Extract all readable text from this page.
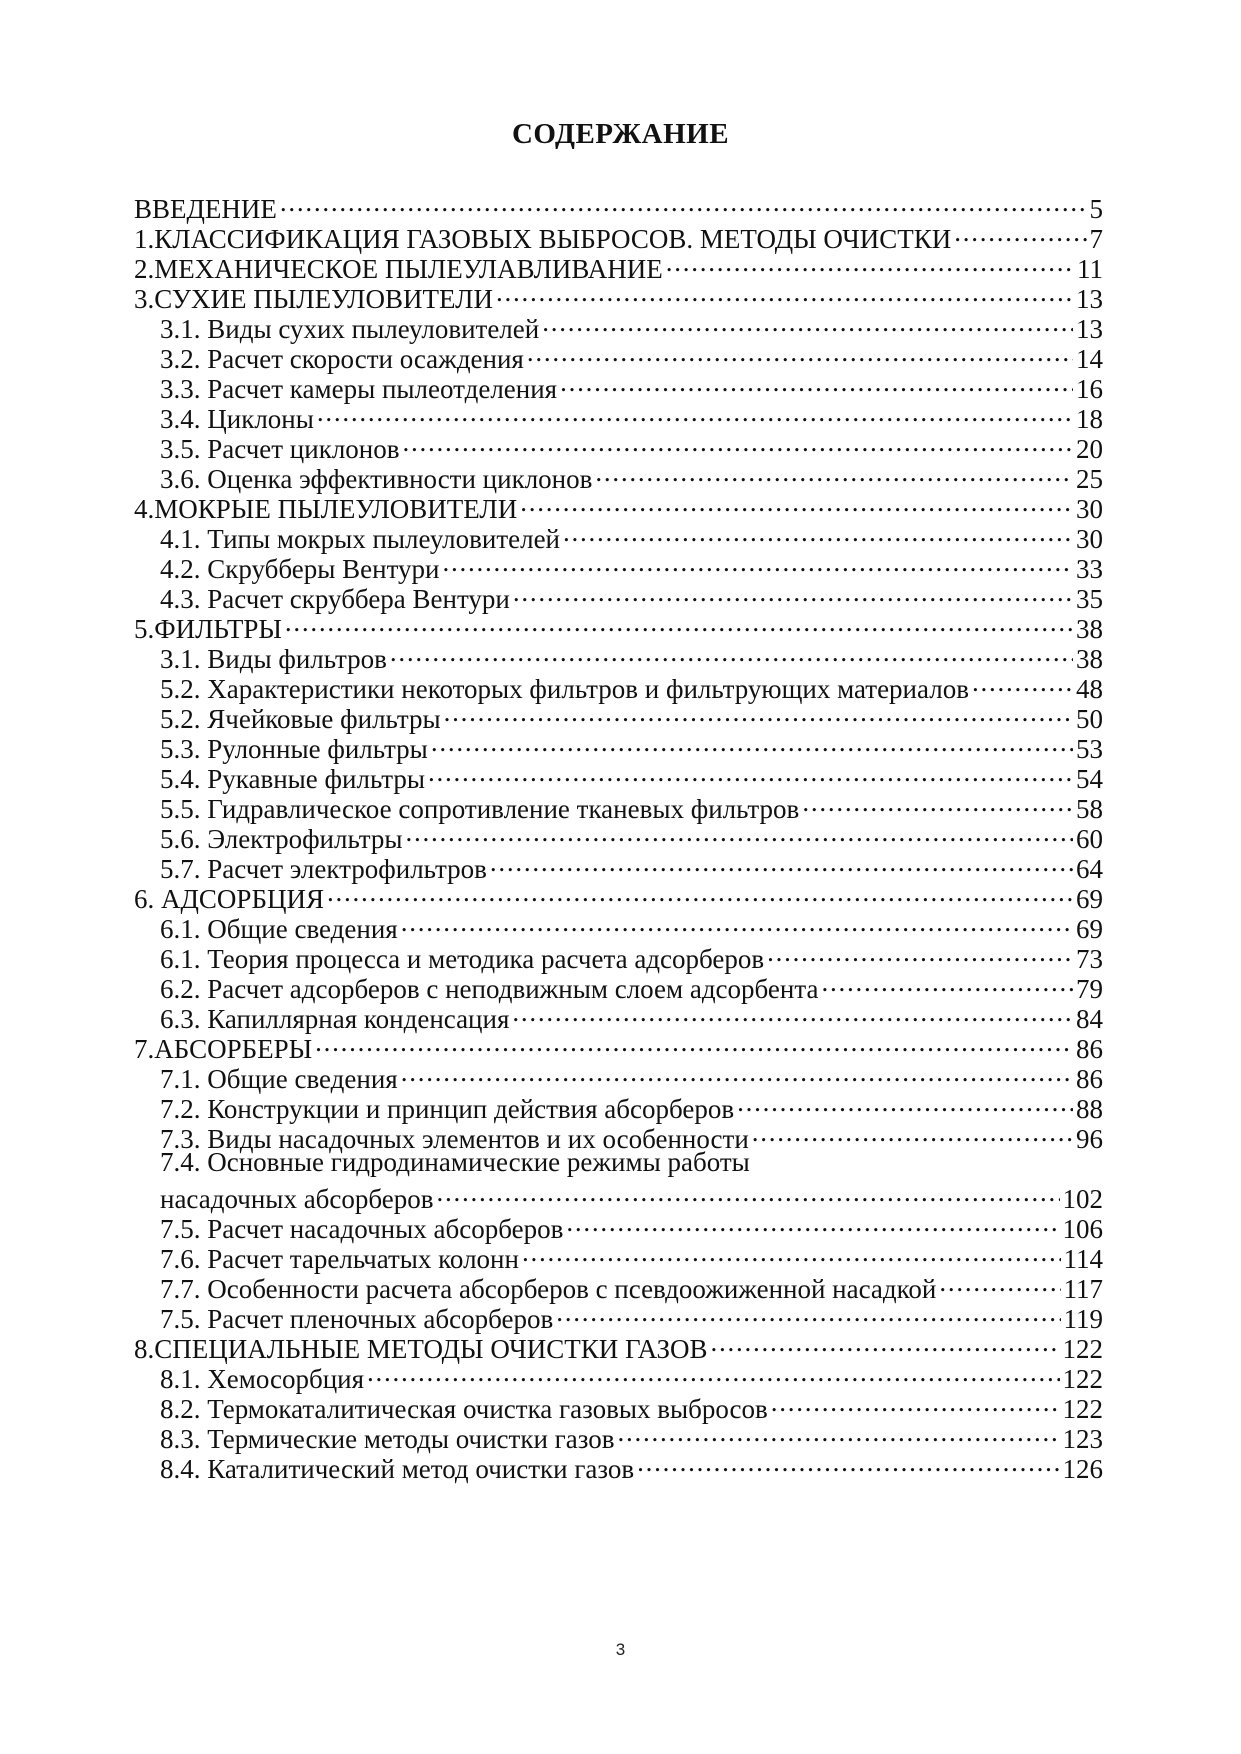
СОДЕРЖАНИЕ
ВВЕДЕНИЕ . . .	5
1.КЛАССИФИКАЦИЯ ГАЗОВЫХ ВЫБРОСОВ. МЕТОДЫ ОЧИСТКИ . . .	7
2.МЕХАНИЧЕСКОЕ ПЫЛЕУЛАВЛИВАНИЕ . . .	11
3.СУХИЕ ПЫЛЕУЛОВИТЕЛИ . . .	13
3.1. Виды сухих пылеуловителей . . .	13
3.2. Расчет скорости осаждения . . .	14
3.3. Расчет камеры пылеотделения . . .	16
3.4. Циклоны . . .	18
3.5. Расчет циклонов . . .	20
3.6. Оценка эффективности циклонов . . .	25
4.МОКРЫЕ ПЫЛЕУЛОВИТЕЛИ . . .	30
4.1. Типы мокрых пылеуловителей . . .	30
4.2. Скрубберы Вентури . . .	33
4.3. Расчет скруббера Вентури . . .	35
5.ФИЛЬТРЫ . . .	38
3.1. Виды фильтров . . .	38
5.2. Характеристики некоторых фильтров и фильтрующих материалов . . .	48
5.2. Ячейковые фильтры . . .	50
5.3. Рулонные фильтры . . .	53
5.4. Рукавные фильтры . . .	54
5.5. Гидравлическое сопротивление тканевых фильтров . . .	58
5.6. Электрофильтры . . .	60
5.7. Расчет электрофильтров . . .	64
6. АДСОРБЦИЯ . . .	69
6.1. Общие сведения . . .	69
6.1. Теория процесса и методика расчета адсорберов . . .	73
6.2. Расчет адсорберов с неподвижным слоем адсорбента . . .	79
6.3. Капиллярная конденсация . . .	84
7.АБСОРБЕРЫ . . .	86
7.1. Общие сведения . . .	86
7.2. Конструкции и принцип действия абсорберов . . .	88
7.3. Виды насадочных элементов и их особенности . . .	96
7.4. Основные гидродинамические режимы работы
насадочных абсорберов . . .	102
7.5. Расчет насадочных абсорберов . . .	106
7.6. Расчет тарельчатых колонн . . .	114
7.7. Особенности расчета абсорберов с псевдоожиженной насадкой . . .	117
7.5. Расчет пленочных абсорберов . . .	119
8.СПЕЦИАЛЬНЫЕ МЕТОДЫ ОЧИСТКИ ГАЗОВ . . .	122
8.1. Хемосорбция . . .	122
8.2. Термокаталитическая очистка газовых выбросов . . .	122
8.3. Термические методы очистки газов . . .	123
8.4. Каталитический метод очистки газов . . .	126
3
